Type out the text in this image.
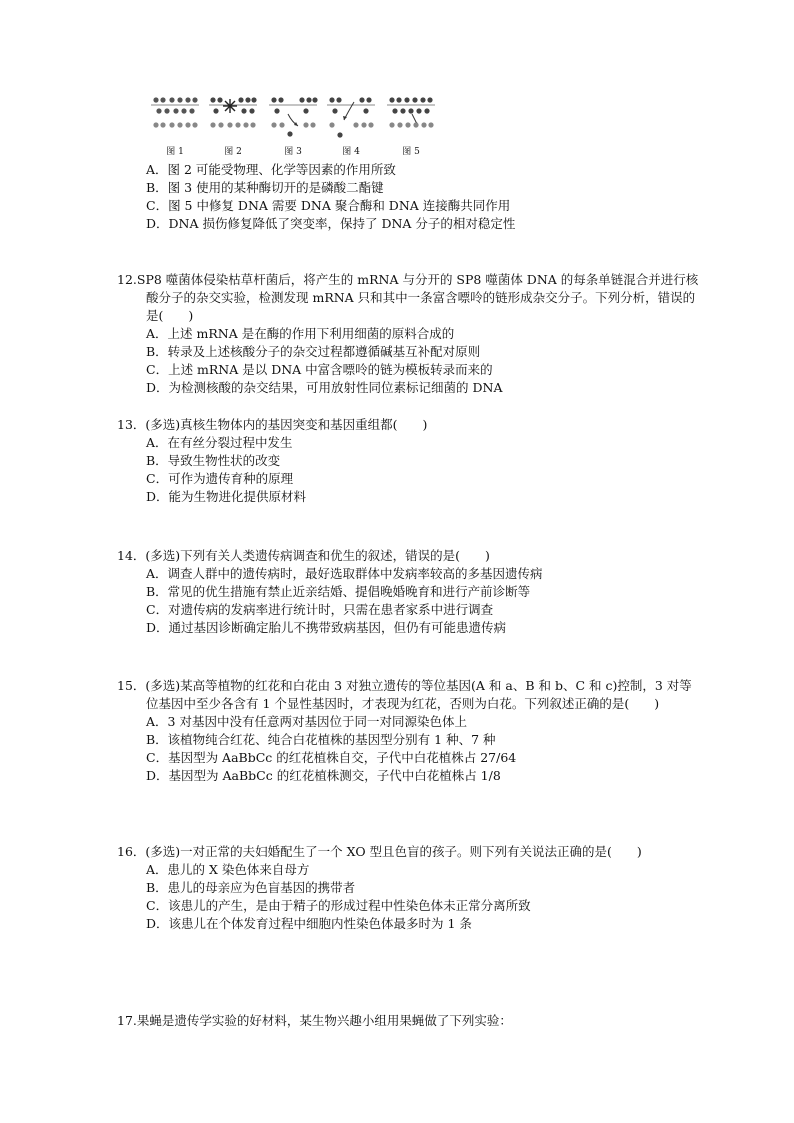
图 1	图 2	图 3	图 4	图 5
A．图 2 可能受物理、化学等因素的作用所致
B．图 3 使用的某种酶切开的是磷酸二酯键
C．图 5 中修复 DNA 需要 DNA 聚合酶和 DNA 连接酶共同作用
D．DNA 损伤修复降低了突变率，保持了 DNA 分子的相对稳定性
12.SP8 噬菌体侵染枯草杆菌后，将产生的 mRNA 与分开的 SP8 噬菌体 DNA 的每条单链混合并进行核酸分子的杂交实验，检测发现 mRNA 只和其中一条富含嘌呤的链形成杂交分子。下列分析，错误的是(　　)
A．上述 mRNA 是在酶的作用下利用细菌的原料合成的
B．转录及上述核酸分子的杂交过程都遵循碱基互补配对原则
C．上述 mRNA 是以 DNA 中富含嘌呤的链为模板转录而来的
D．为检测核酸的杂交结果，可用放射性同位素标记细菌的 DNA
13．(多选)真核生物体内的基因突变和基因重组都(　　)
A．在有丝分裂过程中发生
B．导致生物性状的改变
C．可作为遗传育种的原理
D．能为生物进化提供原材料
14．(多选)下列有关人类遗传病调查和优生的叙述，错误的是(　　)
A．调查人群中的遗传病时，最好选取群体中发病率较高的多基因遗传病
B．常见的优生措施有禁止近亲结婚、提倡晚婚晚育和进行产前诊断等
C．对遗传病的发病率进行统计时，只需在患者家系中进行调查
D．通过基因诊断确定胎儿不携带致病基因，但仍有可能患遗传病
15．(多选)某高等植物的红花和白花由 3 对独立遗传的等位基因(A 和 a、B 和 b、C 和 c)控制，3 对等位基因中至少各含有 1 个显性基因时，才表现为红花，否则为白花。下列叙述正确的是(　　)
A．3 对基因中没有任意两对基因位于同一对同源染色体上
B．该植物纯合红花、纯合白花植株的基因型分别有 1 种、7 种
C．基因型为 AaBbCc 的红花植株自交，子代中白花植株占 27/64
D．基因型为 AaBbCc 的红花植株测交，子代中白花植株占 1/8
16．(多选)一对正常的夫妇婚配生了一个 XO 型且色盲的孩子。则下列有关说法正确的是(　　)
A．患儿的 X 染色体来自母方
B．患儿的母亲应为色盲基因的携带者
C．该患儿的产生，是由于精子的形成过程中性染色体未正常分离所致
D．该患儿在个体发育过程中细胞内性染色体最多时为 1 条
17.果蝇是遗传学实验的好材料，某生物兴趣小组用果蝇做了下列实验：
